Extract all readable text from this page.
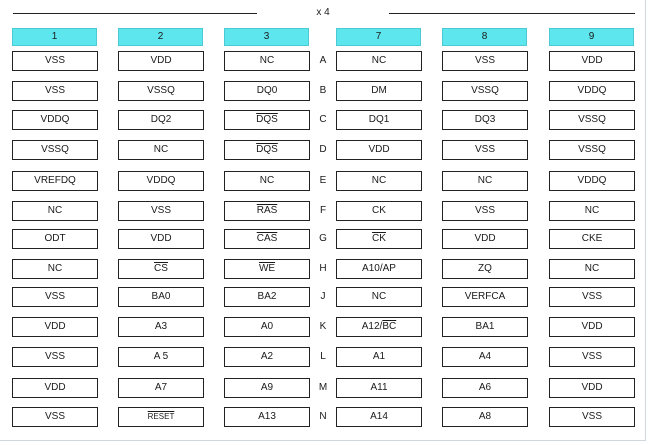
x 4
1	2	3	7	8	9
A
VSS	VDD	NC	NC	VSS	VDD
B
VSS	VSSQ	DQ0	DM	VSSQ	VDDQ
C
VDDQ	DQ2	$\overline{DQS}$	DQ1	DQ3	VSSQ
D
VSSQ	NC	$\overline{DQS}$	VDD	VSS	VSSQ
E
VREFDQ	VDDQ	NC	NC	NC	VDDQ
F
NC	VSS	$\overline{RAS}$	CK	VSS	NC
G
ODT	VDD	$\overline{CAS}$	$\overline{CK}$	VDD	CKE
H
NC	$\overline{CS}$	$\overline{WE}$	A10/AP	ZQ	NC
J
VSS	BA0	BA2	NC	VERFCA	VSS
K
VDD	A3	A0	$A12/\overline{BC}$	BA1	VDD
L
VSS	A 5	A2	A1	A4	VSS
M
VDD	A7	A9	A11	A6	VDD
N
VSS	RESET	A13	A14	A8	VSS
